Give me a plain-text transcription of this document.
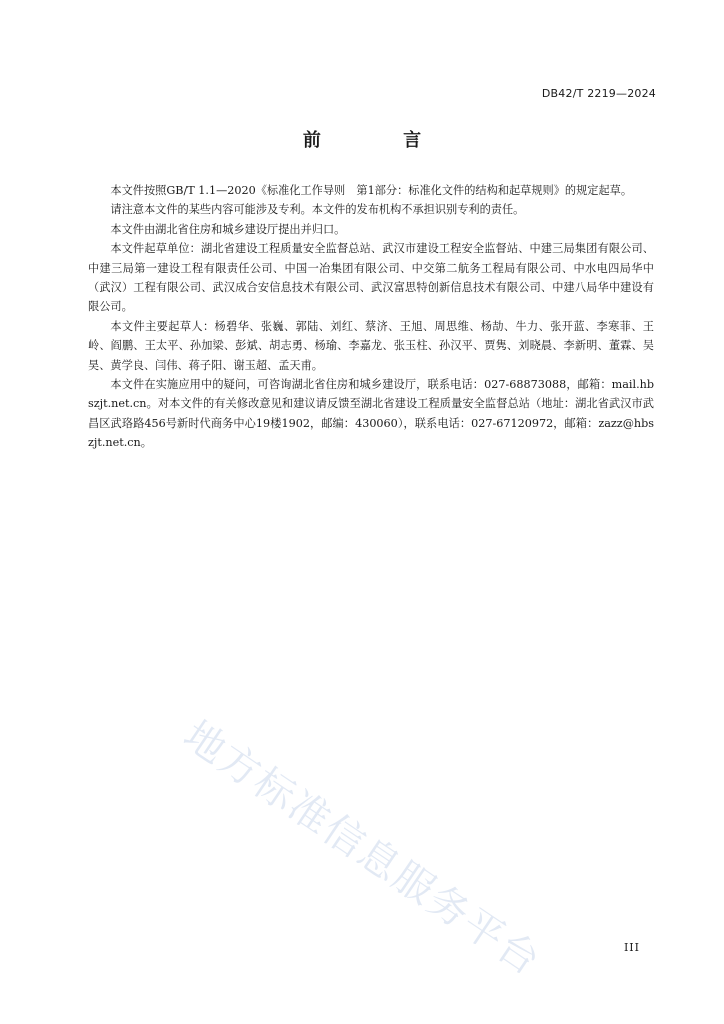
DB42/T 2219—2024
前 言

本文件按照GB/T 1.1—2020《标准化工作导则　第1部分：标准化文件的结构和起草规则》的规定起草。

请注意本文件的某些内容可能涉及专利。本文件的发布机构不承担识别专利的责任。

本文件由湖北省住房和城乡建设厅提出并归口。

本文件起草单位：湖北省建设工程质量安全监督总站、武汉市建设工程安全监督站、中建三局集团有限公司、中建三局第一建设工程有限责任公司、中国一冶集团有限公司、中交第二航务工程局有限公司、中水电四局华中（武汉）工程有限公司、武汉成合安信息技术有限公司、武汉富思特创新信息技术有限公司、中建八局华中建设有限公司。

本文件主要起草人：杨碧华、张巍、郭陆、刘红、蔡济、王旭、周思维、杨劼、牛力、张开蓝、李寒菲、王岭、阎鹏、王太平、孙加梁、彭斌、胡志勇、杨瑜、李嘉龙、张玉柱、孙汉平、贾隽、刘晓晨、李新明、董霖、吴昊、黄学良、闫伟、蒋子阳、谢玉超、孟天甫。

本文件在实施应用中的疑问，可咨询湖北省住房和城乡建设厅，联系电话：027-68873088，邮箱：mail.hbszjt.net.cn。对本文件的有关修改意见和建议请反馈至湖北省建设工程质量安全监督总站（地址：湖北省武汉市武昌区武珞路456号新时代商务中心19楼1902，邮编：430060），联系电话：027-67120972，邮箱：zazz@hbszjt.net.cn。

地方标准信息服务平台	III
